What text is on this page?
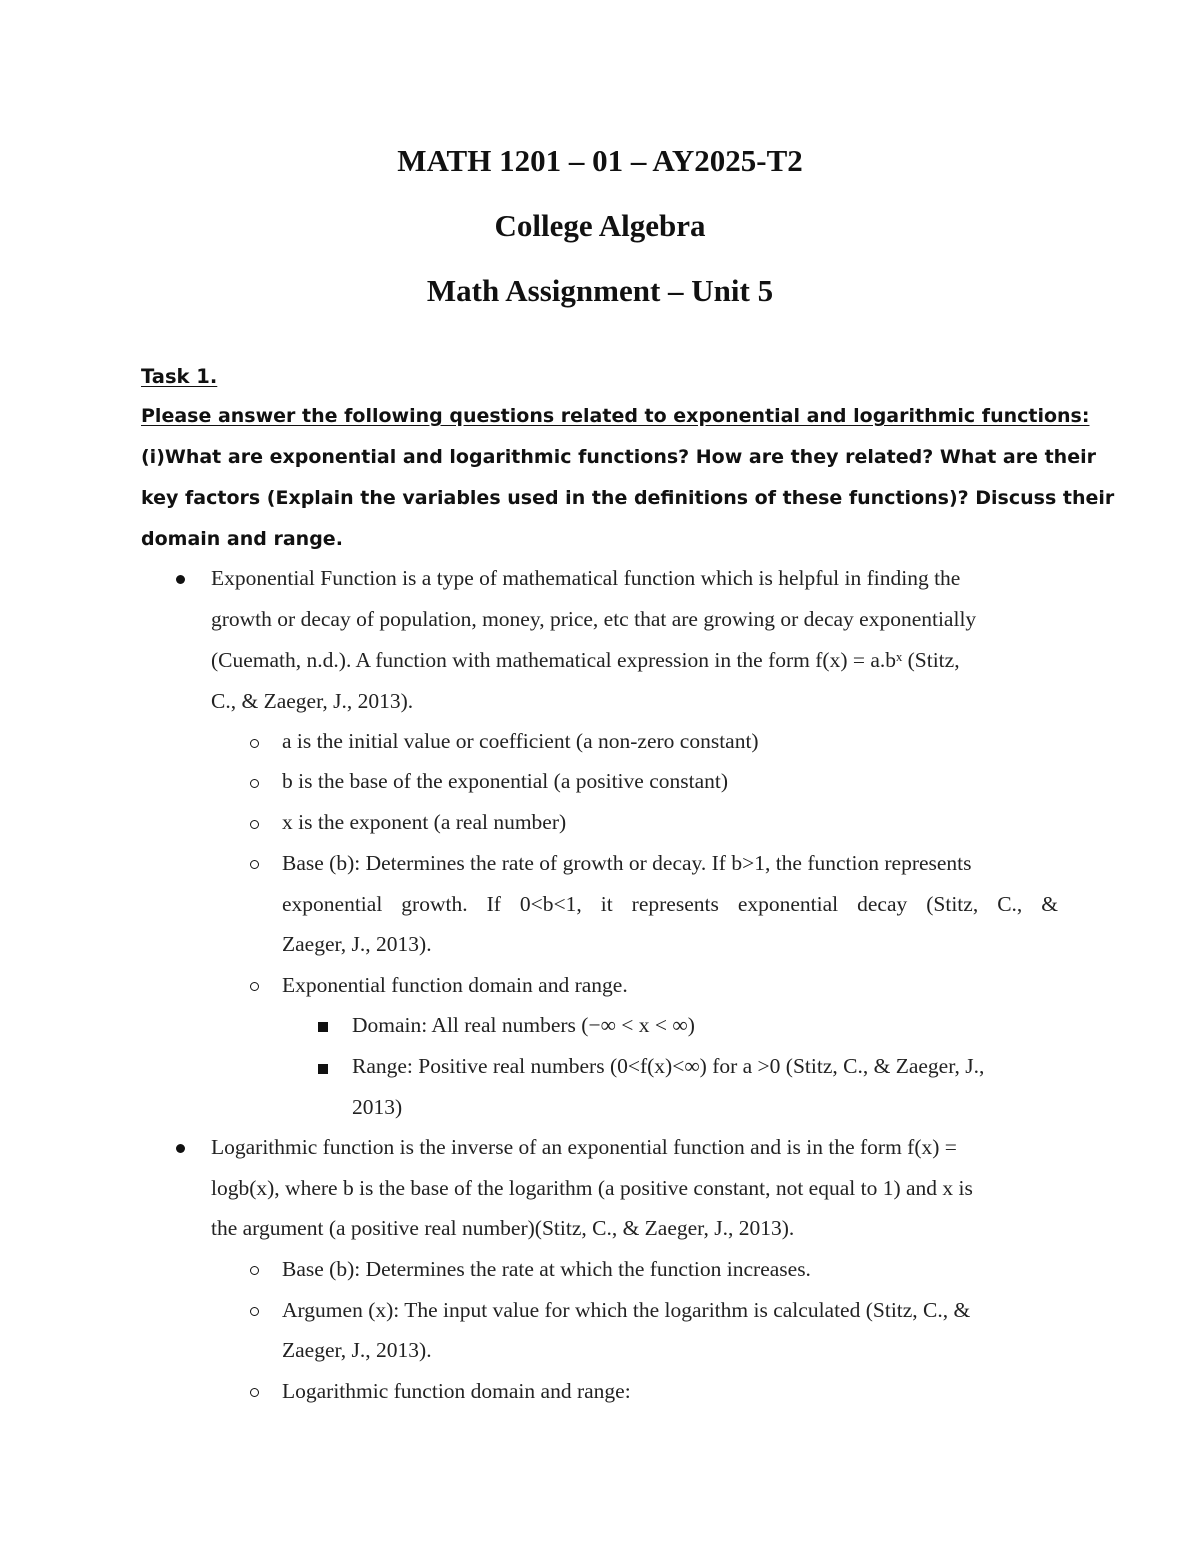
MATH 1201 – 01 – AY2025-T2
College Algebra
Math Assignment – Unit 5
Task 1.
Please answer the following questions related to exponential and logarithmic functions:
(i)What are exponential and logarithmic functions? How are they related? What are their
key factors (Explain the variables used in the definitions of these functions)? Discuss their
domain and range.
Exponential Function is a type of mathematical function which is helpful in finding the
growth or decay of population, money, price, etc that are growing or decay exponentially
(Cuemath, n.d.). A function with mathematical expression in the form f(x) = a.bˣ (Stitz,
C., & Zaeger, J., 2013).
a is the initial value or coefficient (a non-zero constant)
b is the base of the exponential (a positive constant)
x is the exponent (a real number)
Base (b): Determines the rate of growth or decay. If b>1, the function represents
exponential growth. If 0<b<1, it represents exponential decay (Stitz, C., &
Zaeger, J., 2013).
Exponential function domain and range.
Domain: All real numbers (−∞ < x < ∞)
Range: Positive real numbers (0<f(x)<∞) for a >0 (Stitz, C., & Zaeger, J.,
2013)
Logarithmic function is the inverse of an exponential function and is in the form f(x) =
logb(x), where b is the base of the logarithm (a positive constant, not equal to 1) and x is
the argument (a positive real number)(Stitz, C., & Zaeger, J., 2013).
Base (b): Determines the rate at which the function increases.
Argumen (x): The input value for which the logarithm is calculated (Stitz, C., &
Zaeger, J., 2013).
Logarithmic function domain and range:
